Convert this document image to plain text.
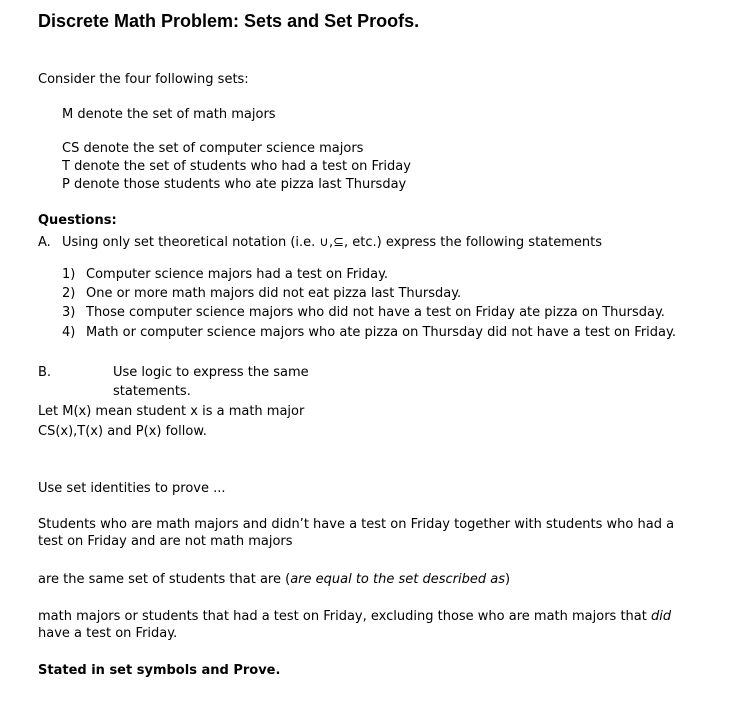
Discrete Math Problem: Sets and Set Proofs.
Consider the four following sets:
M denote the set of math majors
CS denote the set of computer science majors
T denote the set of students who had a test on Friday
P denote those students who ate pizza last Thursday
Questions:
A. Using only set theoretical notation (i.e. ∪,⊆, etc.) express the following statements
1) Computer science majors had a test on Friday.
2) One or more math majors did not eat pizza last Thursday.
3) Those computer science majors who did not have a test on Friday ate pizza on Thursday.
4) Math or computer science majors who ate pizza on Thursday did not have a test on Friday.
B.	Use logic to express the same
statements.
Let M(x) mean student x is a math major
CS(x),T(x) and P(x) follow.
Use set identities to prove ...
Students who are math majors and didn’t have a test on Friday together with students who had a test on Friday and are not math majors
are the same set of students that are (are equal to the set described as)
math majors or students that had a test on Friday, excluding those who are math majors that did have a test on Friday.
Stated in set symbols and Prove.
